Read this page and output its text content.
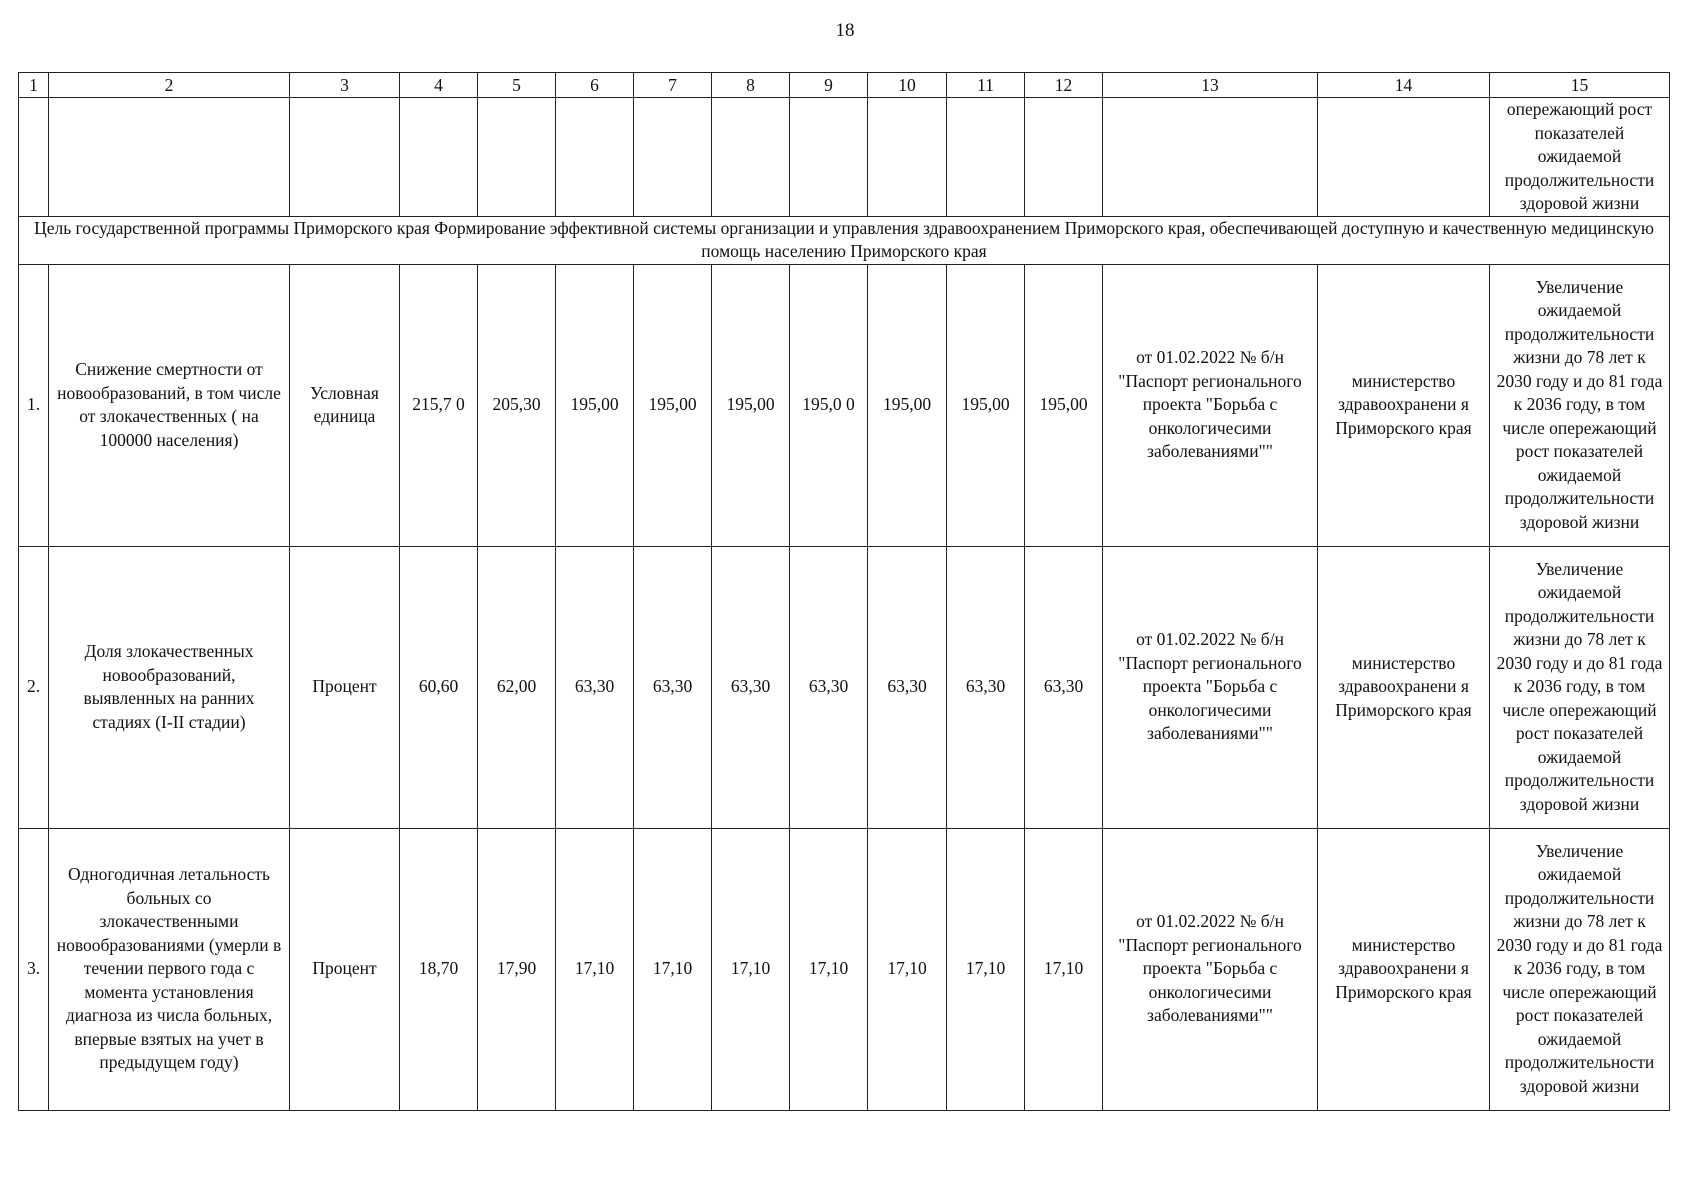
18
1	2	3	4	5	6	7	8	9	10	11	12	13	14	15
														опережающий рост показателей ожидаемой продолжительности здоровой жизни
Цель государственной программы Приморского края Формирование эффективной системы организации и управления здравоохранением Приморского края, обеспечивающей доступную и качественную медицинскую помощь населению Приморского края														
1.	Снижение смертности от новообразований, в том числе от злокачественных ( на 100000 населения)	Условная единица	215,7 0	205,30	195,00	195,00	195,00	195,0 0	195,00	195,00	195,00	от 01.02.2022 № б/н "Паспорт регионального проекта "Борьба с онкологичесими заболеваниями""	министерство здравоохранени я Приморского края	Увеличение ожидаемой продолжительности жизни до 78 лет к 2030 году и до 81 года к 2036 году, в том числе опережающий рост показателей ожидаемой продолжительности здоровой жизни
2.	Доля злокачественных новообразований, выявленных на ранних стадиях (I-II стадии)	Процент	60,60	62,00	63,30	63,30	63,30	63,30	63,30	63,30	63,30	от 01.02.2022 № б/н "Паспорт регионального проекта "Борьба с онкологичесими заболеваниями""	министерство здравоохранени я Приморского края	Увеличение ожидаемой продолжительности жизни до 78 лет к 2030 году и до 81 года к 2036 году, в том числе опережающий рост показателей ожидаемой продолжительности здоровой жизни
3.	Одногодичная летальность больных со злокачественными новообразованиями (умерли в течении первого года с момента установления диагноза из числа больных, впервые взятых на учет в предыдущем году)	Процент	18,70	17,90	17,10	17,10	17,10	17,10	17,10	17,10	17,10	от 01.02.2022 № б/н "Паспорт регионального проекта "Борьба с онкологичесими заболеваниями""	министерство здравоохранени я Приморского края	Увеличение ожидаемой продолжительности жизни до 78 лет к 2030 году и до 81 года к 2036 году, в том числе опережающий рост показателей ожидаемой продолжительности здоровой жизни
